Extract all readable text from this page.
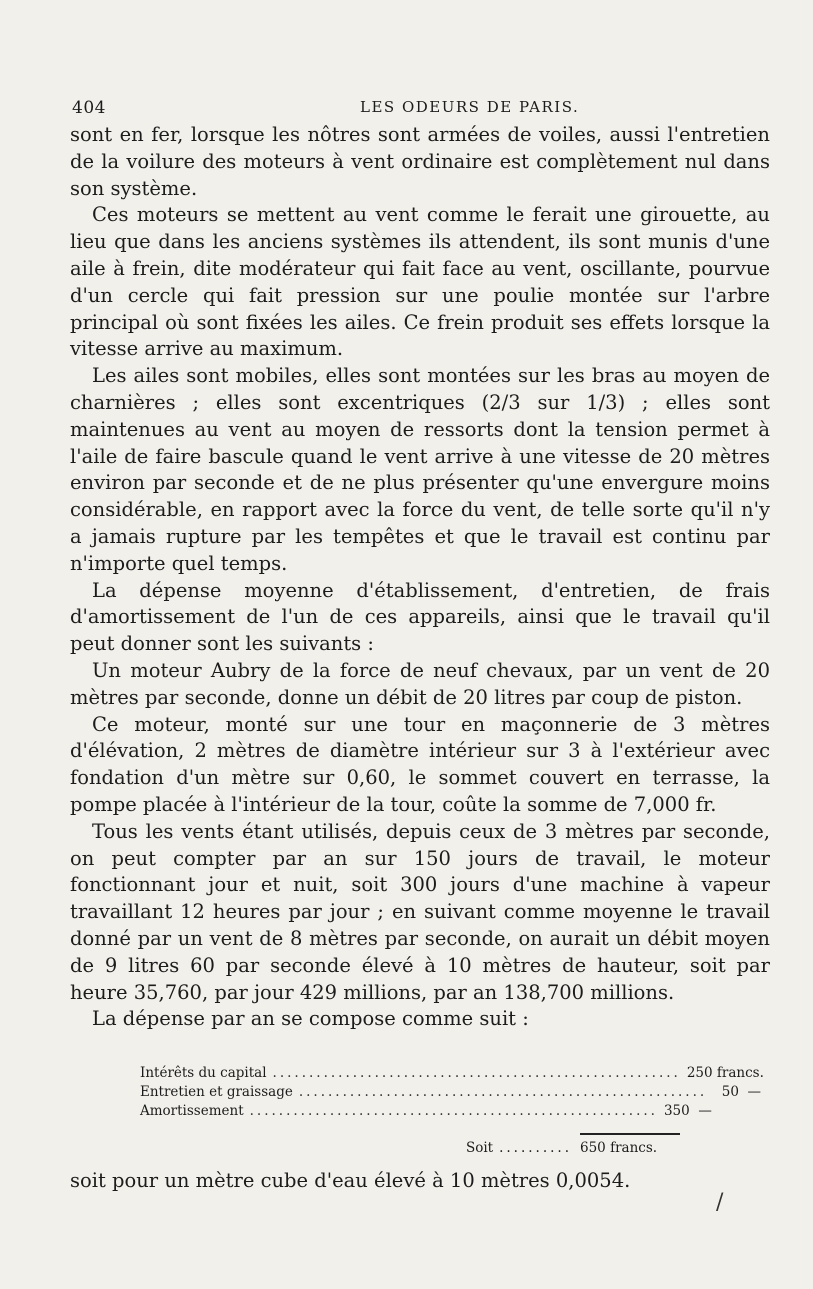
404	LES ODEURS DE PARIS.

sont en fer, lorsque les nôtres sont armées de voiles, aussi l'entretien de la voilure des moteurs à vent ordinaire est complètement nul dans son système.

Ces moteurs se mettent au vent comme le ferait une girouette, au lieu que dans les anciens systèmes ils attendent, ils sont munis d'une aile à frein, dite modérateur qui fait face au vent, oscillante, pourvue d'un cercle qui fait pression sur une poulie montée sur l'arbre principal où sont fixées les ailes. Ce frein produit ses effets lorsque la vitesse arrive au maximum.

Les ailes sont mobiles, elles sont montées sur les bras au moyen de charnières ; elles sont excentriques (2/3 sur 1/3) ; elles sont maintenues au vent au moyen de ressorts dont la tension permet à l'aile de faire bascule quand le vent arrive à une vitesse de 20 mètres environ par seconde et de ne plus présenter qu'une envergure moins considérable, en rapport avec la force du vent, de telle sorte qu'il n'y a jamais rupture par les tempêtes et que le travail est continu par n'importe quel temps.

La dépense moyenne d'établissement, d'entretien, de frais d'amortissement de l'un de ces appareils, ainsi que le travail qu'il peut donner sont les suivants :

Un moteur Aubry de la force de neuf chevaux, par un vent de 20 mètres par seconde, donne un débit de 20 litres par coup de piston.

Ce moteur, monté sur une tour en maçonnerie de 3 mètres d'élévation, 2 mètres de diamètre intérieur sur 3 à l'extérieur avec fondation d'un mètre sur 0,60, le sommet couvert en terrasse, la pompe placée à l'intérieur de la tour, coûte la somme de 7,000 fr.

Tous les vents étant utilisés, depuis ceux de 3 mètres par seconde, on peut compter par an sur 150 jours de travail, le moteur fonctionnant jour et nuit, soit 300 jours d'une machine à vapeur travaillant 12 heures par jour ; en suivant comme moyenne le travail donné par un vent de 8 mètres par seconde, on aurait un débit moyen de 9 litres 60 par seconde élevé à 10 mètres de hauteur, soit par heure 35,760, par jour 429 millions, par an 138,700 millions.

La dépense par an se compose comme suit :

Intérêts du capital ........................................................ 250 francs.
Entretien et graissage ........................................................	50 —
Amortissement ........................................................ 350 —
Soit .......... 650 francs.
soit pour un mètre cube d'eau élevé à 10 mètres 0,0054.
/
